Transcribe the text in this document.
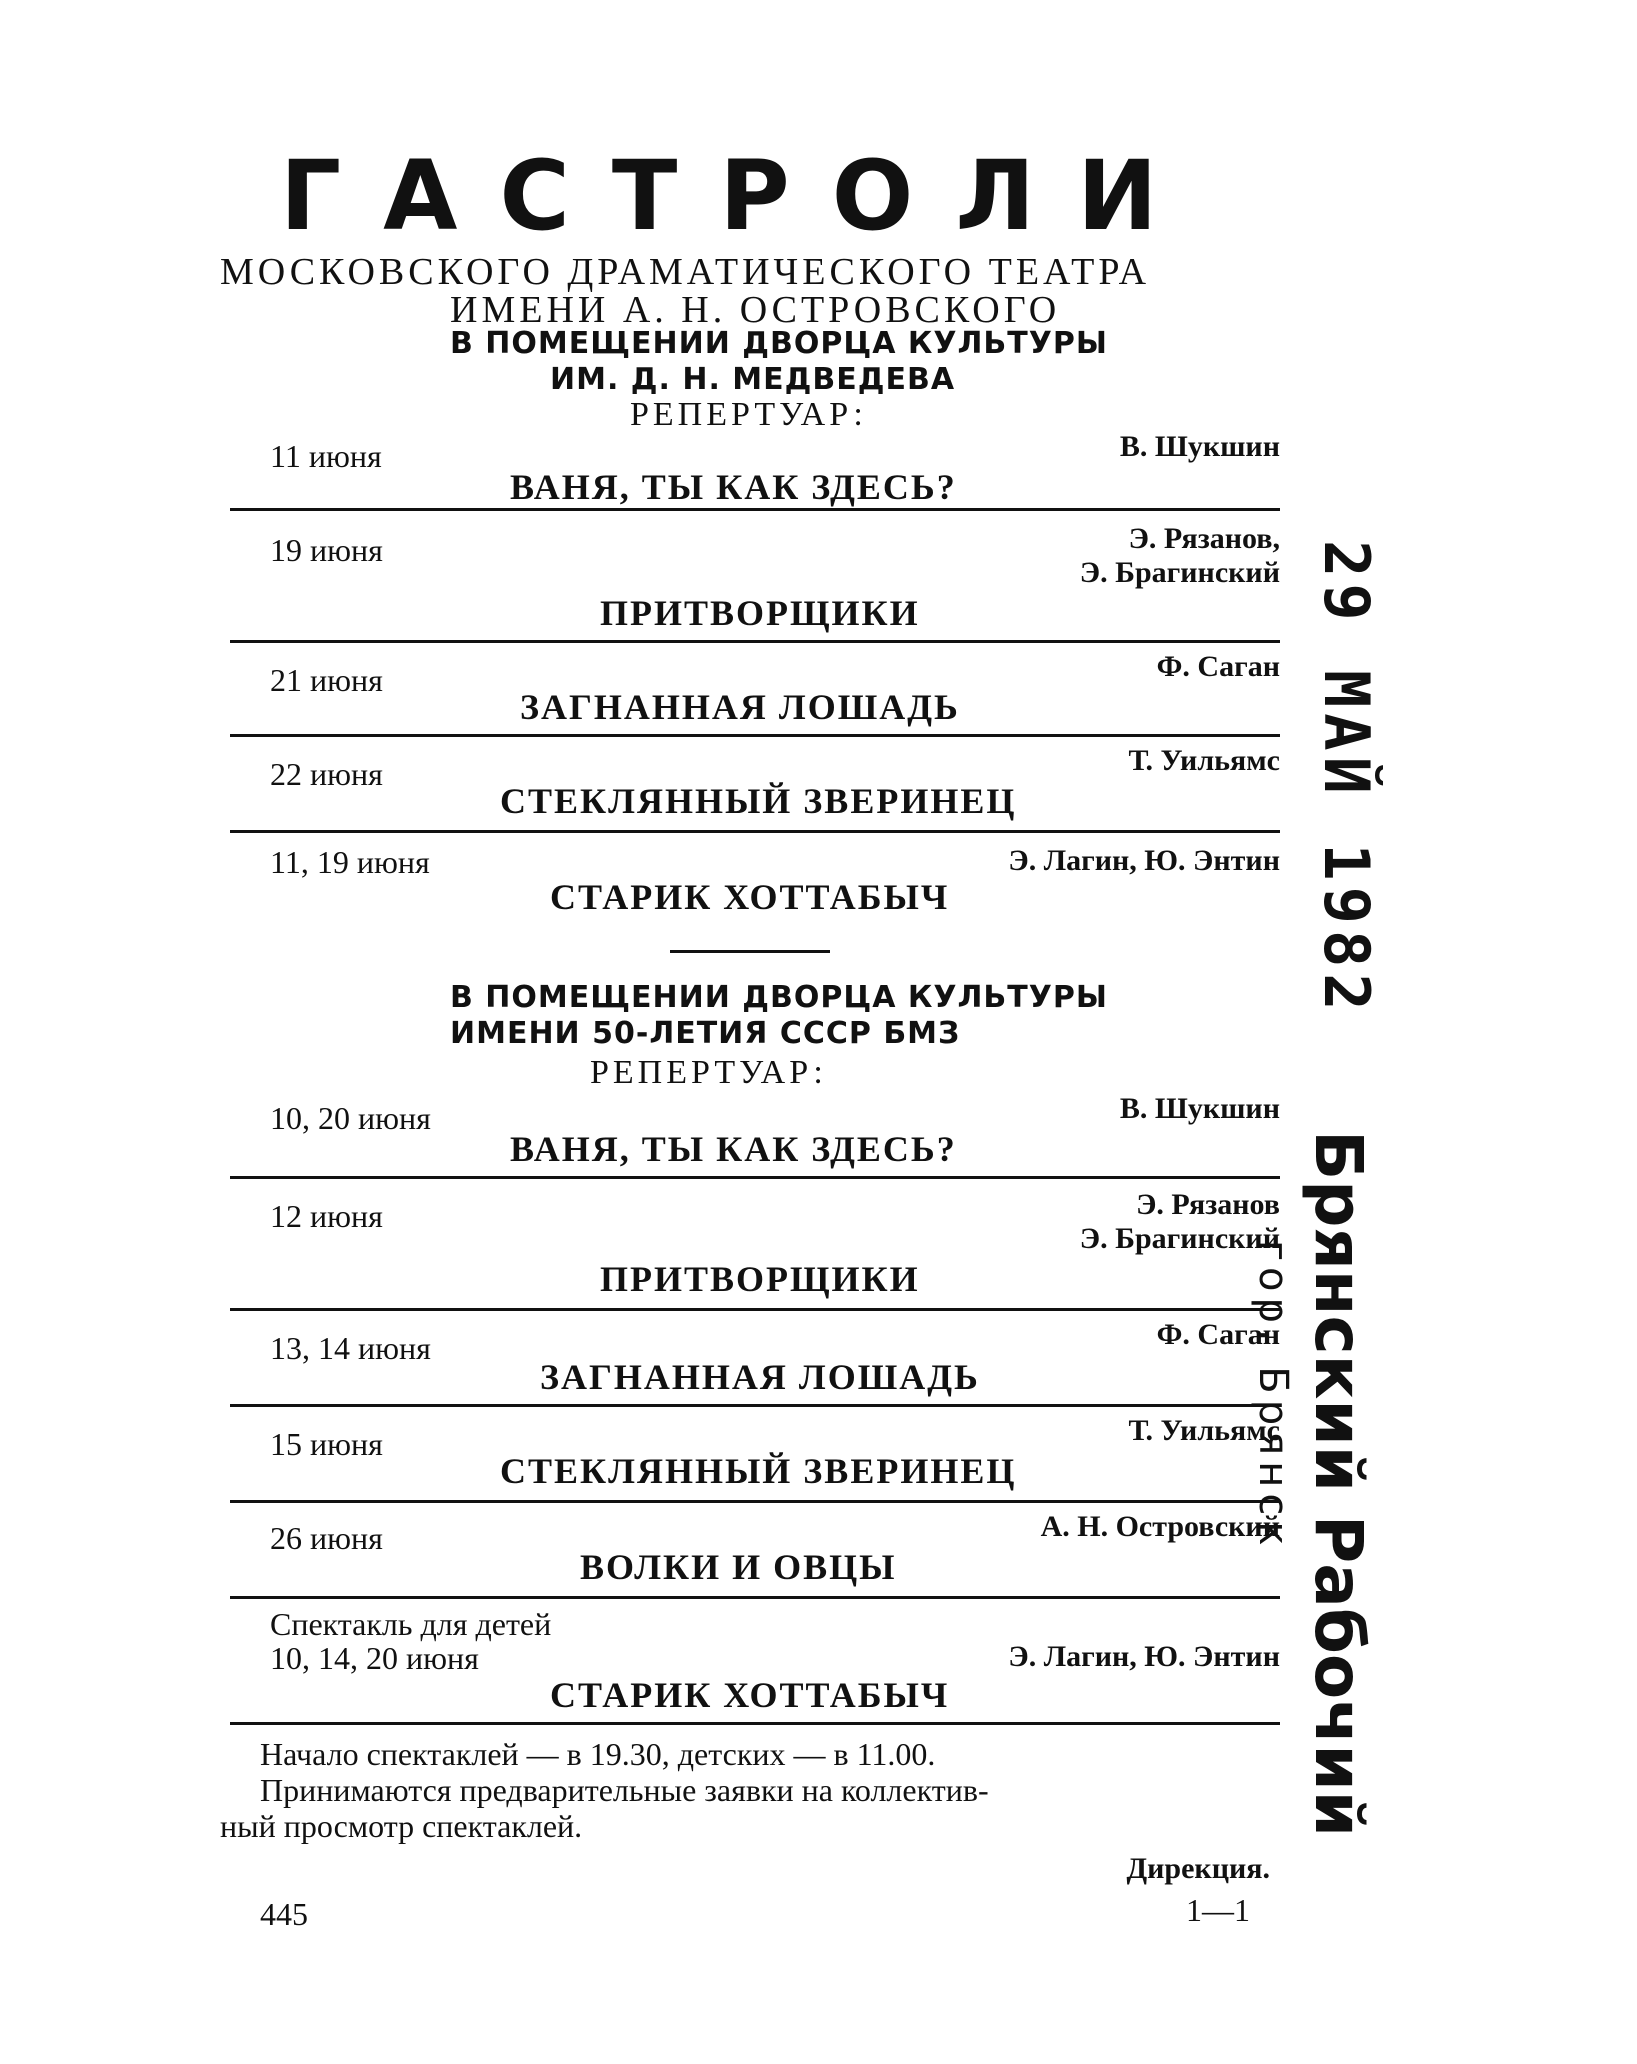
ГАСТРОЛИ
МОСКОВСКОГО ДРАМАТИЧЕСКОГО ТЕАТРА
ИМЕНИ А. Н. ОСТРОВСКОГО
В ПОМЕЩЕНИИ ДВОРЦА КУЛЬТУРЫ
ИМ. Д. Н. МЕДВЕДЕВА
РЕПЕРТУАР:
11 июня	В. Шукшин
ВАНЯ, ТЫ КАК ЗДЕСЬ?
19 июня	Э. Рязанов,
Э. Брагинский
ПРИТВОРЩИКИ
21 июня	Ф. Саган
ЗАГНАННАЯ ЛОШАДЬ
22 июня	Т. Уильямс
СТЕКЛЯННЫЙ ЗВЕРИНЕЦ
11, 19 июня	Э. Лагин, Ю. Энтин
СТАРИК ХОТТАБЫЧ
В ПОМЕЩЕНИИ ДВОРЦА КУЛЬТУРЫ
ИМЕНИ 50-ЛЕТИЯ СССР БМЗ
РЕПЕРТУАР:
10, 20 июня	В. Шукшин
ВАНЯ, ТЫ КАК ЗДЕСЬ?
12 июня	Э. Рязанов
Э. Брагинский
ПРИТВОРЩИКИ
13, 14 июня	Ф. Саган
ЗАГНАННАЯ ЛОШАДЬ
15 июня	Т. Уильямс
СТЕКЛЯННЫЙ ЗВЕРИНЕЦ
26 июня	А. Н. Островский
ВОЛКИ И ОВЦЫ
Спектакль для детей
10, 14, 20 июня	Э. Лагин, Ю. Энтин
СТАРИК ХОТТАБЫЧ
Начало спектаклей — в 19.30, детских — в 11.00.
Принимаются предварительные заявки на коллектив-
ный просмотр спектаклей.
Дирекция.
445	1—1
29 МАЙ 1982
Брянский Рабочий
гор. Брянск
